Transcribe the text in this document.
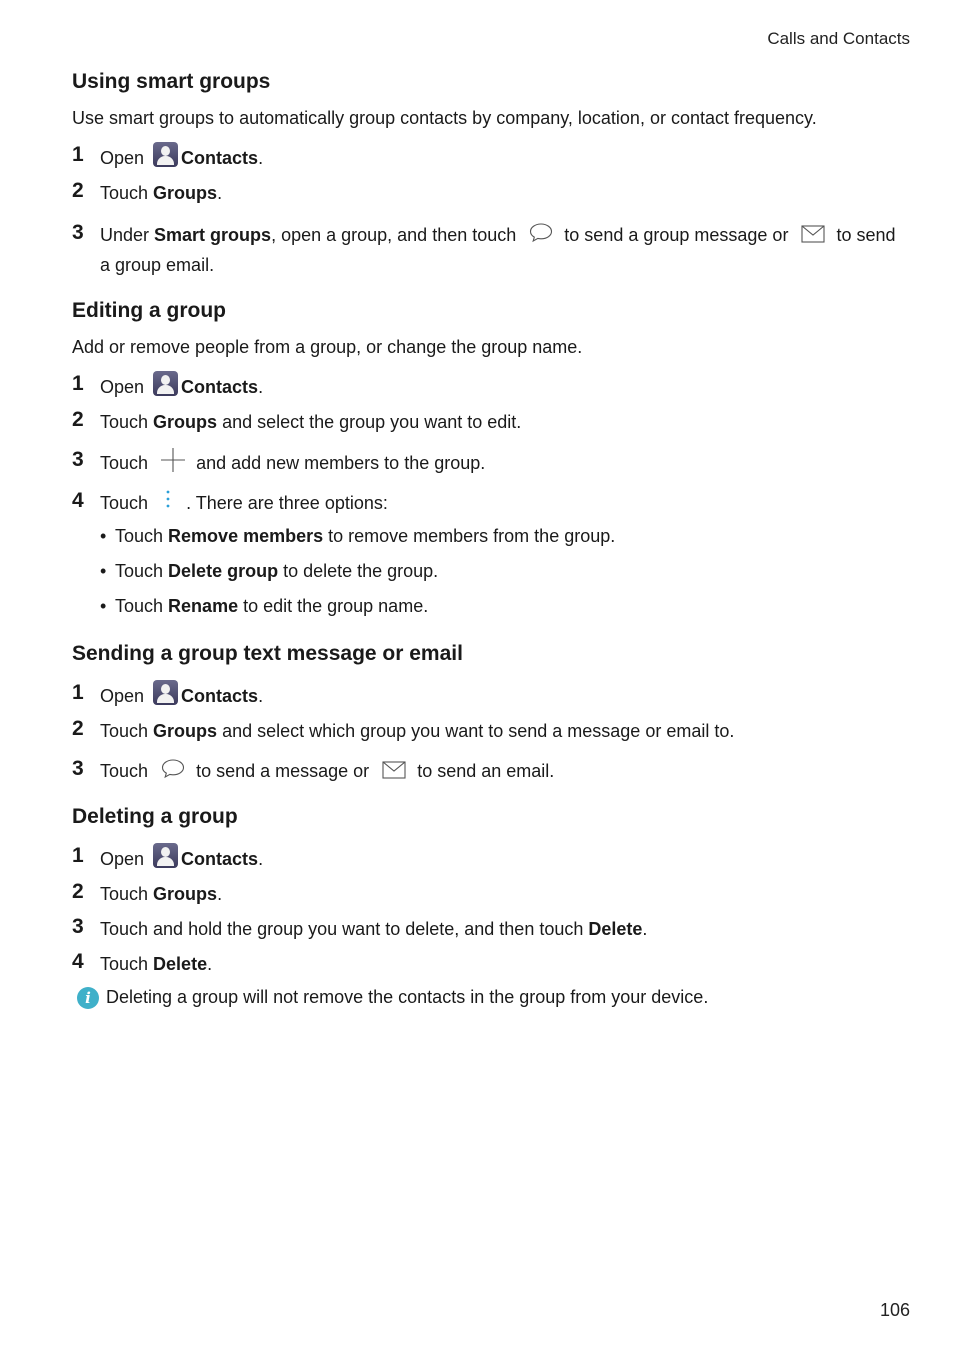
Calls and Contacts
Using smart groups

Use smart groups to automatically group contacts by company, location, or contact frequency.

1 Open Contacts.
2 Touch Groups.
3 Under Smart groups, open a group, and then touch	to send a group message or	to send a group email.
Editing a group

Add or remove people from a group, or change the group name.

1 Open Contacts.
2 Touch Groups and select the group you want to edit.
3 Touch	and add new members to the group.
4 Touch . There are three options:
• Touch Remove members to remove members from the group.
• Touch Delete group to delete the group.
• Touch Rename to edit the group name.
Sending a group text message or email
1 Open Contacts.
2 Touch Groups and select which group you want to send a message or email to.
3 Touch	to send a message or	to send an email.
Deleting a group
1 Open Contacts.
2 Touch Groups.
3 Touch and hold the group you want to delete, and then touch Delete.
4 Touch Delete.
i Deleting a group will not remove the contacts in the group from your device.
106
